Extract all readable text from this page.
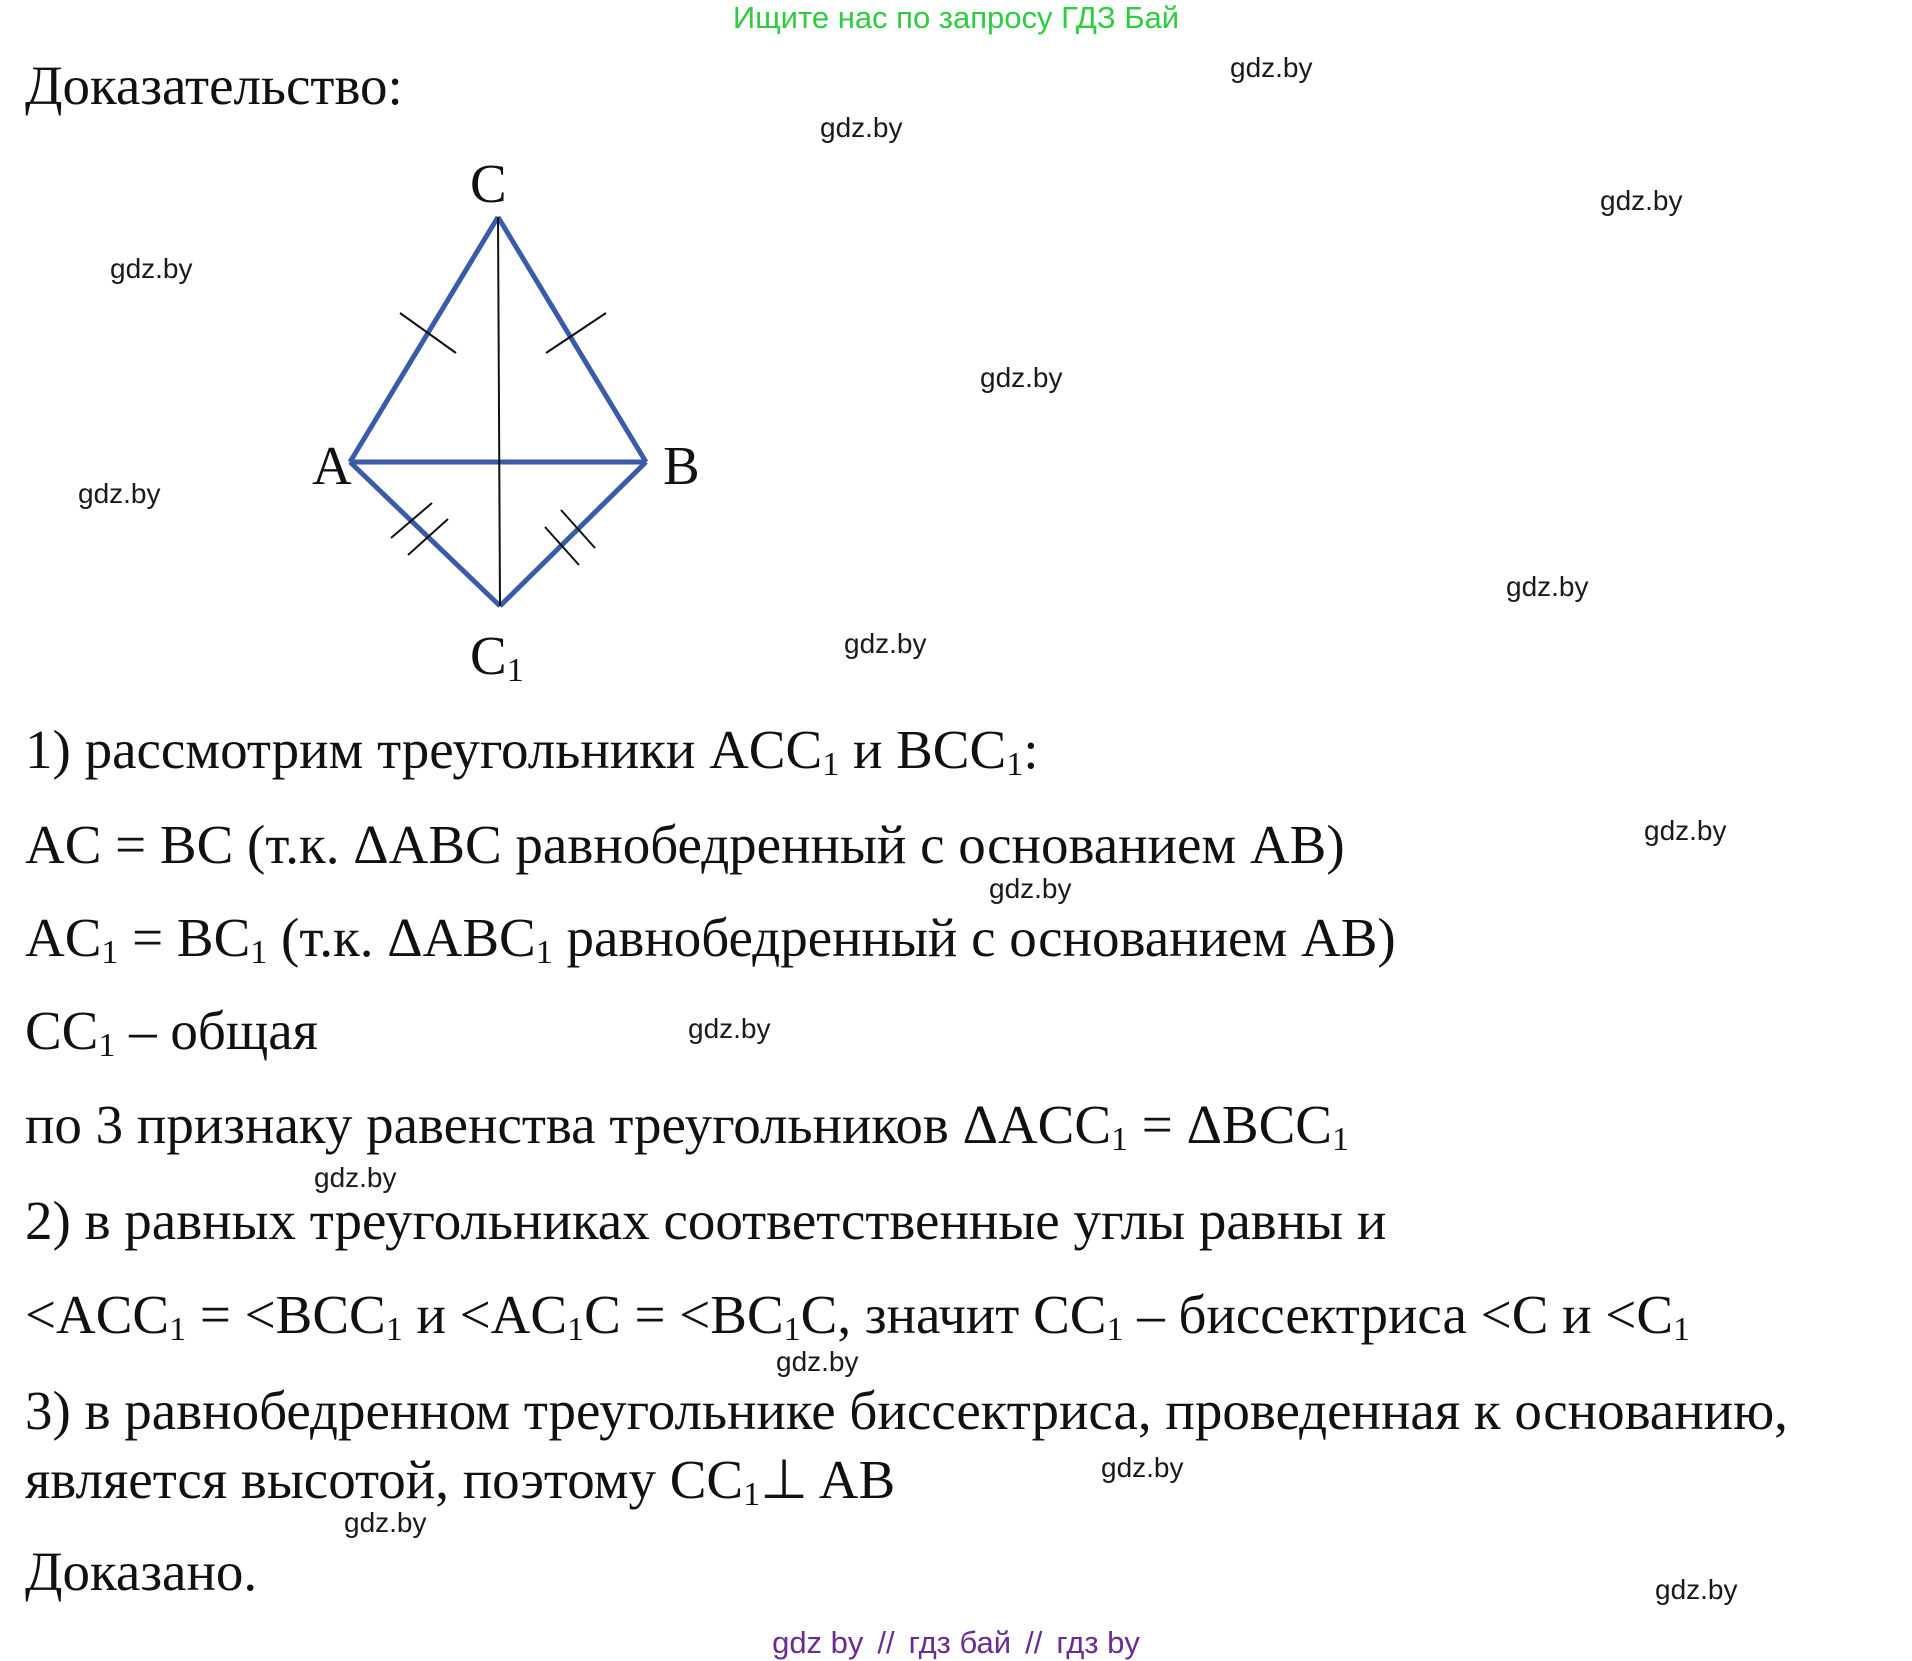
Ищите нас по запросу ГДЗ Бай
Доказательство:
C
A	B
$C_1$
1) рассмотрим треугольники $ACC_1$ и $BCC_1$:
AC = BC (т.к. ΔABC равнобедренный с основанием AB)
$AC_1 = BC_1$ (т.к. $\Delta ABC_1$ равнобедренный с основанием AB)
$CC_1$ – общая
по 3 признаку равенства треугольников $\Delta ACC_1 = \Delta BCC_1$
2) в равных треугольниках соответственные углы равны и
$<ACC_1 = <BCC_1$ $и <AC_1C = <BC_1C$, значит $CC_1$ – биссектриса <C $и <C_1$
3) в равнобедренном треугольнике биссектриса, проведенная к основанию,
является высотой, поэтому $CC_1\perp$ AB
Доказано.
gdz.by
gdz.by
gdz.by
gdz.by
gdz.by
gdz.by
gdz.by
gdz.by
gdz.by
gdz.by
gdz.by
gdz.by
gdz.by
gdz.by
gdz.by
gdz.by
gdz by // гдз бай // гдз by
